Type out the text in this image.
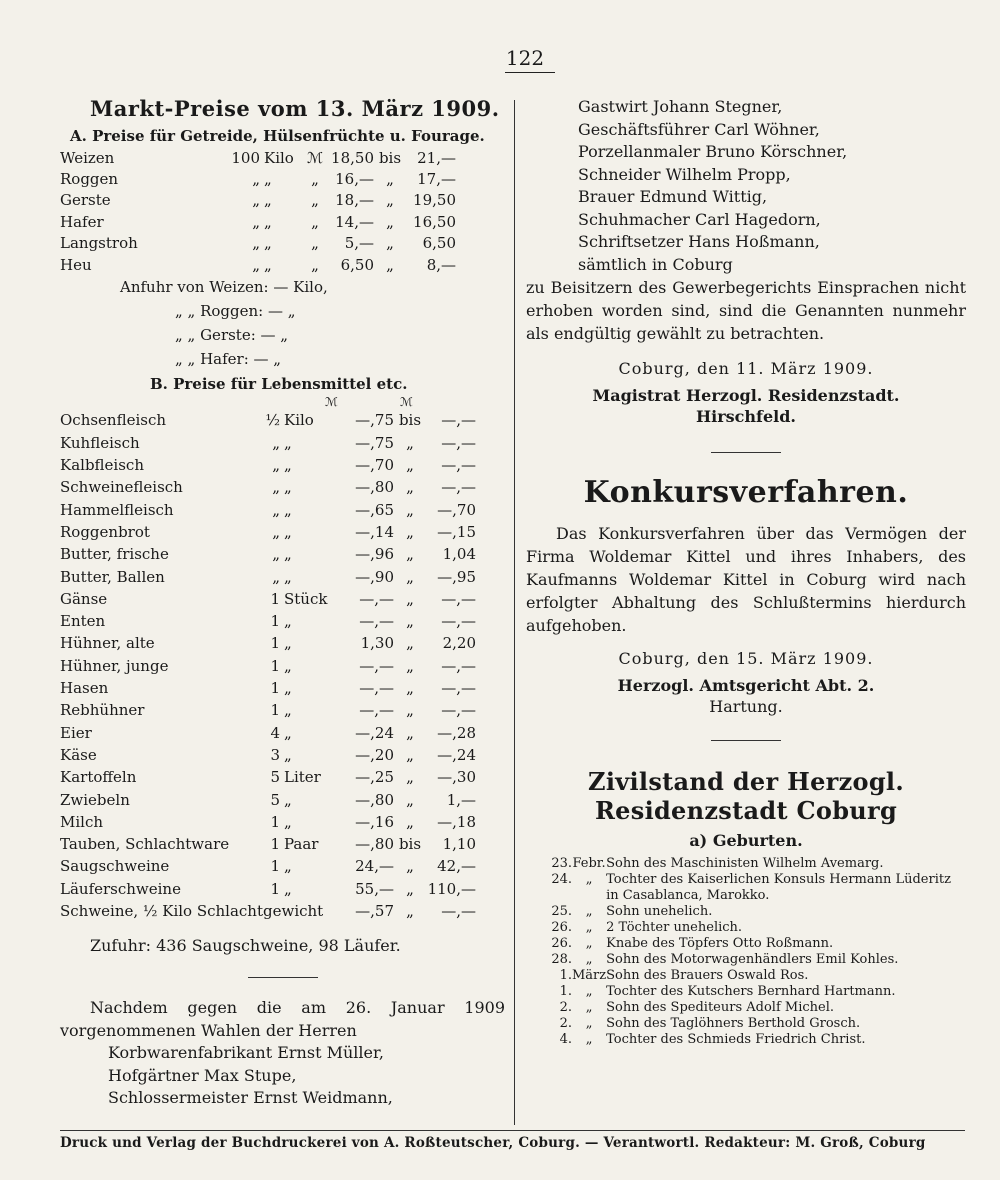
122
Markt-Preise vom 13. März 1909.
A. Preise für Getreide, Hülsenfrüchte u. Fourage.
Weizen	100	Kilo	ℳ	18,50	bis	21,—
Roggen	„	„	„	16,—	„	17,—
Gerste	„	„	„	18,—	„	19,50
Hafer	„	„	„	14,—	„	16,50
Langstroh	„	„	„	5,—	„	6,50
Heu	„	„	„	6,50	„	8,—
Anfuhr von Weizen: — Kilo,
„ „ Roggen: — „
„ „ Gerste: — „
„ „ Hafer: — „
B. Preise für Lebensmittel etc.
ℳ	ℳ
Ochsenfleisch	½	Kilo	—,75	bis	—,—
Kuhfleisch	„	„	—,75	„	—,—
Kalbfleisch	„	„	—,70	„	—,—
Schweinefleisch	„	„	—,80	„	—,—
Hammelfleisch	„	„	—,65	„	—,70
Roggenbrot	„	„	—,14	„	—,15
Butter, frische	„	„	—,96	„	1,04
Butter, Ballen	„	„	—,90	„	—,95
Gänse	1	Stück	—,—	„	—,—
Enten	1	„	—,—	„	—,—
Hühner, alte	1	„	1,30	„	2,20
Hühner, junge	1	„	—,—	„	—,—
Hasen	1	„	—,—	„	—,—
Rebhühner	1	„	—,—	„	—,—
Eier	4	„	—,24	„	—,28
Käse	3	„	—,20	„	—,24
Kartoffeln	5	Liter	—,25	„	—,30
Zwiebeln	5	„	—,80	„	1,—
Milch	1	„	—,16	„	—,18
Tauben, Schlachtware	1	Paar	—,80	bis	1,10
Saugschweine	1	„	24,—	„	42,—
Läuferschweine	1	„	55,—	„	110,—
Schweine, ½ Kilo Schlachtgewicht			—,57	„	—,—
Zufuhr: 436 Saugschweine, 98 Läufer.
Nachdem gegen die am 26. Januar 1909 vorgenommenen Wahlen der Herren
Korbwarenfabrikant Ernst Müller,
Hofgärtner Max Stupe,
Schlossermeister Ernst Weidmann,
Gastwirt Johann Stegner,
Geschäftsführer Carl Wöhner,
Porzellanmaler Bruno Körschner,
Schneider Wilhelm Propp,
Brauer Edmund Wittig,
Schuhmacher Carl Hagedorn,
Schriftsetzer Hans Hoßmann,
sämtlich in Coburg
zu Beisitzern des Gewerbegerichts Einsprachen nicht erhoben worden sind, sind die Genannten nunmehr als endgültig gewählt zu betrachten.
Coburg, den 11. März 1909.
Magistrat Herzogl. Residenzstadt.
Hirschfeld.
Konkursverfahren.
Das Konkursverfahren über das Vermögen der Firma Woldemar Kittel und ihres Inhabers, des Kaufmanns Woldemar Kittel in Coburg wird nach erfolgter Abhaltung des Schlußtermins hierdurch aufgehoben.
Coburg, den 15. März 1909.
Herzogl. Amtsgericht Abt. 2.
Hartung.
Zivilstand der Herzogl. Residenzstadt Coburg
a) Geburten.
23.	Febr.	Sohn des Maschinisten Wilhelm Avemarg.
24.	„	Tochter des Kaiserlichen Konsuls Hermann Lüderitz in Casablanca, Marokko.
25.	„	Sohn unehelich.
26.	„	2 Töchter unehelich.
26.	„	Knabe des Töpfers Otto Roßmann.
28.	„	Sohn des Motorwagenhändlers Emil Kohles.
1.	März	Sohn des Brauers Oswald Ros.
1.	„	Tochter des Kutschers Bernhard Hartmann.
2.	„	Sohn des Spediteurs Adolf Michel.
2.	„	Sohn des Taglöhners Berthold Grosch.
4.	„	Tochter des Schmieds Friedrich Christ.
Druck und Verlag der Buchdruckerei von A. Roßteutscher, Coburg. — Verantwortl. Redakteur: M. Groß, Coburg
